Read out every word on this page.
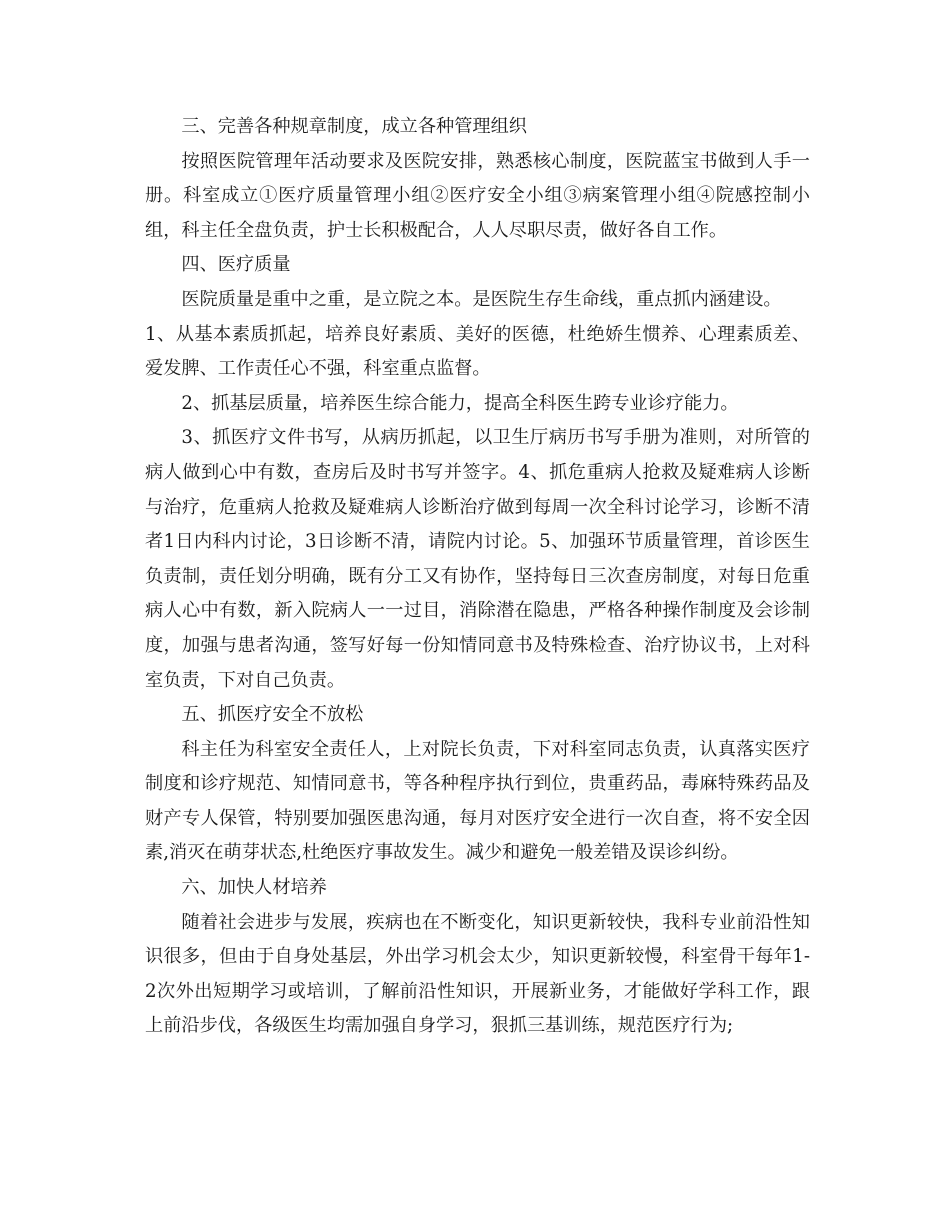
三、完善各种规章制度，成立各种管理组织

按照医院管理年活动要求及医院安排，熟悉核心制度，医院蓝宝书做到人手一册。科室成立①医疗质量管理小组②医疗安全小组③病案管理小组④院感控制小组，科主任全盘负责，护士长积极配合，人人尽职尽责，做好各自工作。

四、医疗质量

医院质量是重中之重，是立院之本。是医院生存生命线，重点抓内涵建设。

1、从基本素质抓起，培养良好素质、美好的医德，杜绝娇生惯养、心理素质差、爱发脾、工作责任心不强，科室重点监督。

2、抓基层质量，培养医生综合能力，提高全科医生跨专业诊疗能力。

3、抓医疗文件书写，从病历抓起，以卫生厅病历书写手册为准则，对所管的病人做到心中有数，查房后及时书写并签字。4、抓危重病人抢救及疑难病人诊断与治疗，危重病人抢救及疑难病人诊断治疗做到每周一次全科讨论学习，诊断不清者1日内科内讨论，3日诊断不清，请院内讨论。5、加强环节质量管理，首诊医生负责制，责任划分明确，既有分工又有协作，坚持每日三次查房制度，对每日危重病人心中有数，新入院病人一一过目，消除潜在隐患，严格各种操作制度及会诊制度，加强与患者沟通，签写好每一份知情同意书及特殊检查、治疗协议书，上对科室负责，下对自己负责。

五、抓医疗安全不放松

科主任为科室安全责任人，上对院长负责，下对科室同志负责，认真落实医疗制度和诊疗规范、知情同意书，等各种程序执行到位，贵重药品，毒麻特殊药品及财产专人保管，特别要加强医患沟通，每月对医疗安全进行一次自查，将不安全因素,消灭在萌芽状态,杜绝医疗事故发生。减少和避免一般差错及误诊纠纷。

六、加快人材培养

随着社会进步与发展，疾病也在不断变化，知识更新较快，我科专业前沿性知识很多，但由于自身处基层，外出学习机会太少，知识更新较慢，科室骨干每年1-2次外出短期学习或培训，了解前沿性知识，开展新业务，才能做好学科工作，跟上前沿步伐，各级医生均需加强自身学习，狠抓三基训练，规范医疗行为;
